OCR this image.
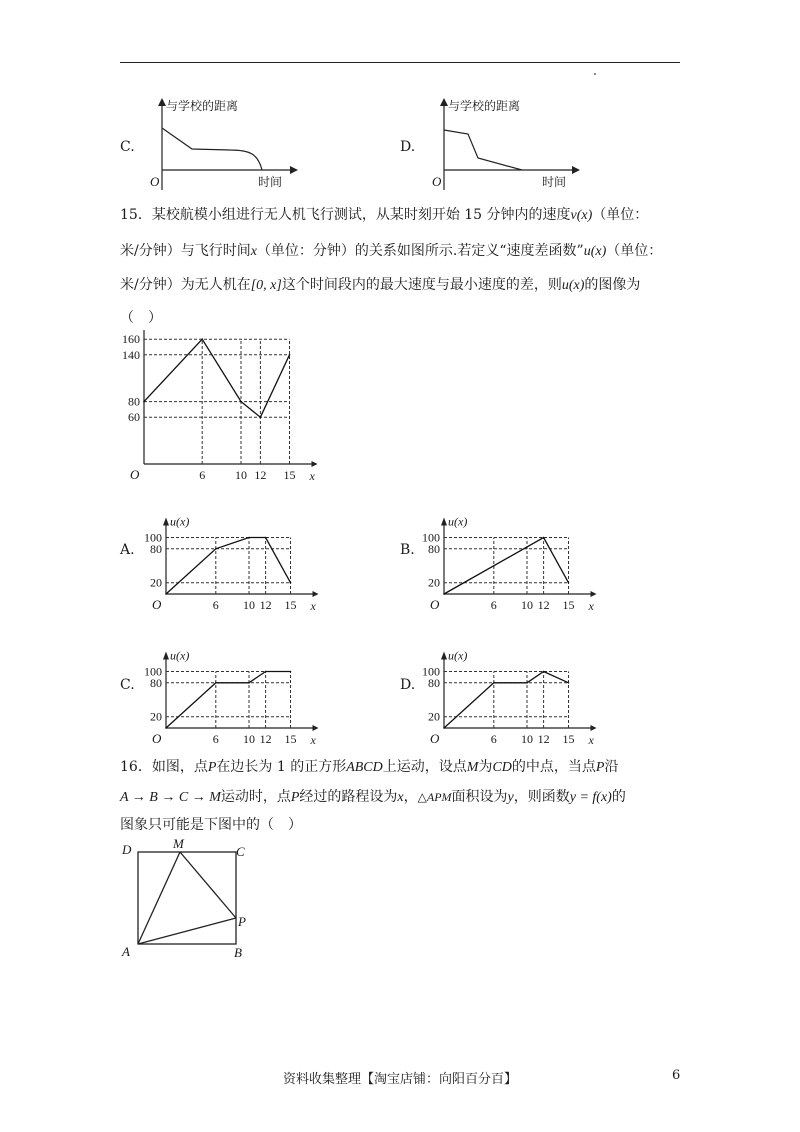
C.
与学校的距离
时间
O
D.
与学校的距离
时间
O
15．某校航模小组进行无人机飞行测试，从某时刻开始 15 分钟内的速度v(x)（单位：
米/分钟）与飞行时间x（单位：分钟）的关系如图所示.若定义“速度差函数”u(x)（单位：
米/分钟）为无人机在[0, x]这个时间段内的最大速度与最小速度的差，则u(x)的图像为
（　）
160
140
80
60
6 10 12 15 x
O
A.
100
80
20
6 10 12 15
u(x)
x
O
B.
100
80
20
6 10 12 15
u(x)
x
O
C.
100
80
20
6 10 12 15
u(x)
x
O
D.
100
80
20
6 10 12 15
u(x)
x
O
16．如图，点P在边长为 1 的正方形ABCD上运动，设点M为CD的中点，当点P沿
A → B → C → M运动时，点P经过的路程设为x，△APM面积设为y，则函数y = f(x)的
图象只可能是下图中的（　）
D	M
C
P
A	B
资料收集整理【淘宝店铺：向阳百分百】	6
